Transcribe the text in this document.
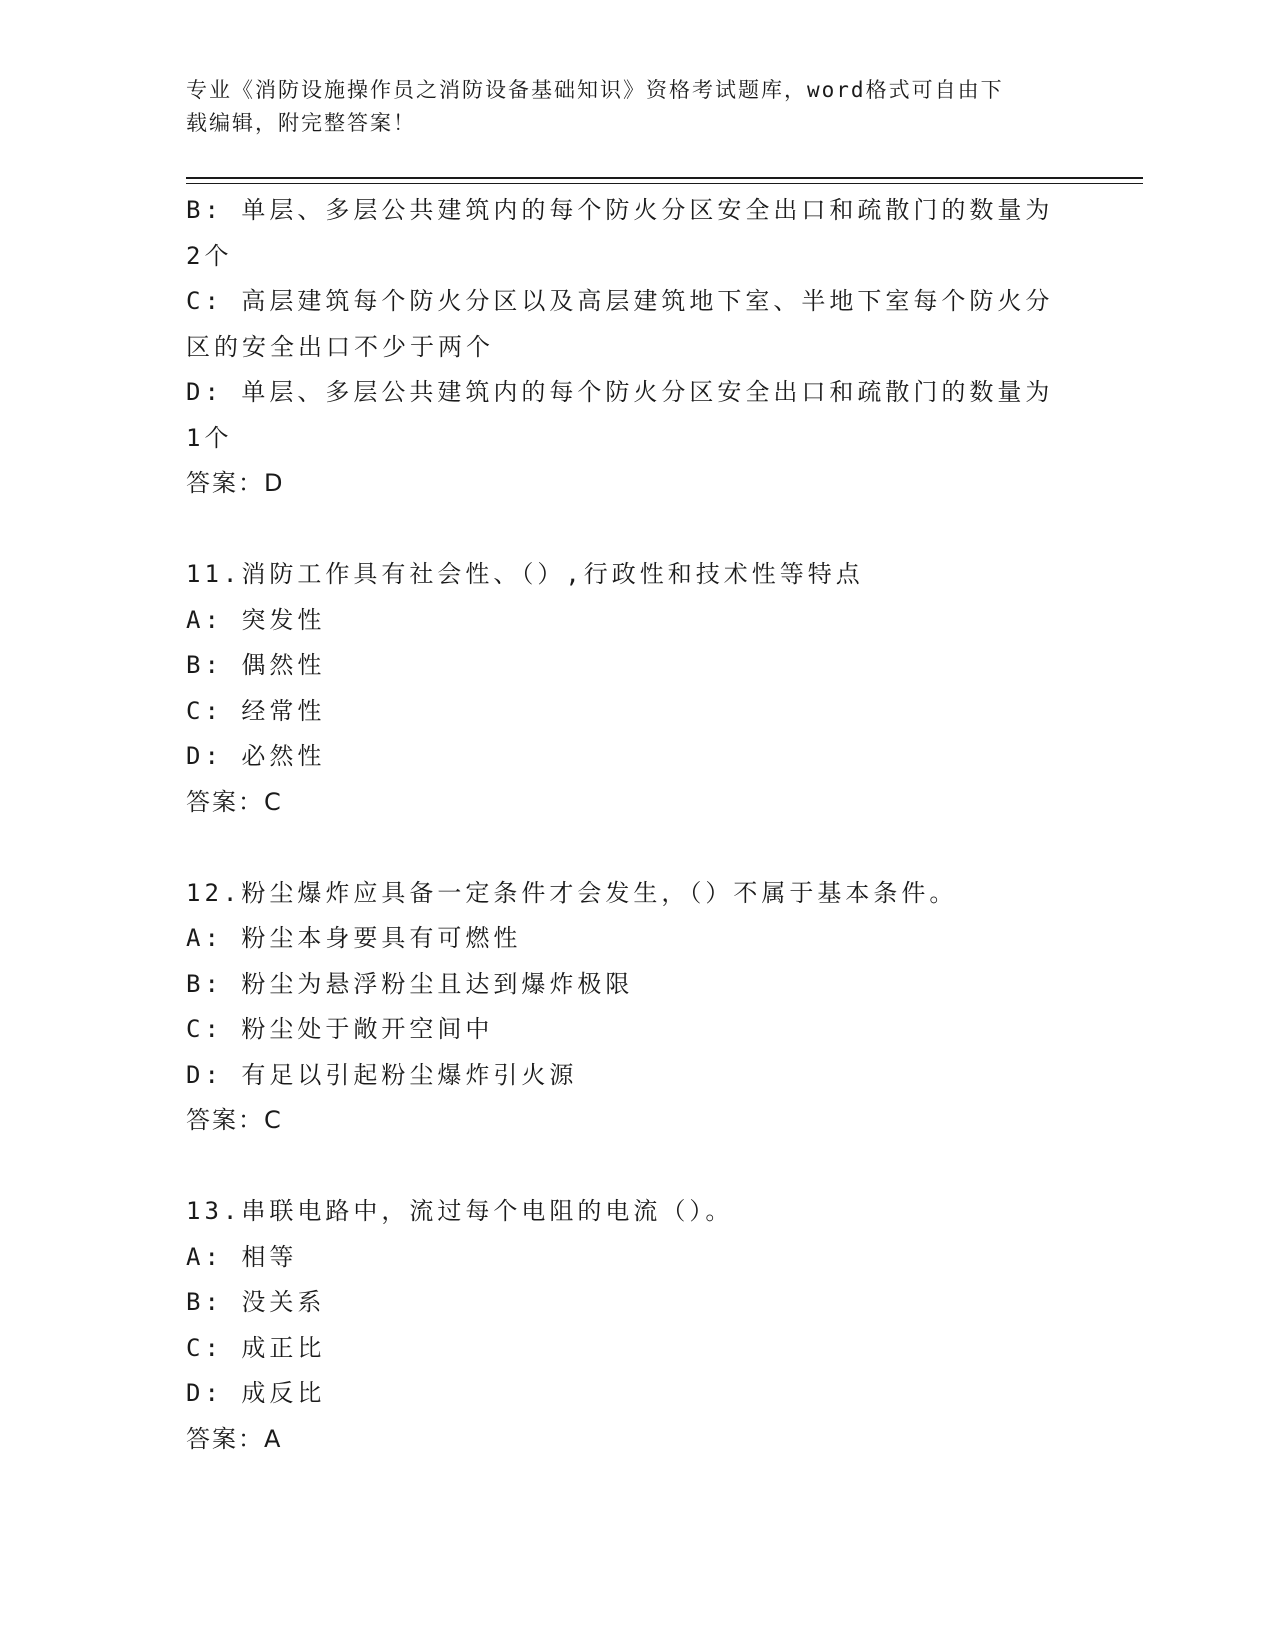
专业《消防设施操作员之消防设备基础知识》资格考试题库，word格式可自由下
载编辑，附完整答案！
B: 单层、多层公共建筑内的每个防火分区安全出口和疏散门的数量为
2个
C: 高层建筑每个防火分区以及高层建筑地下室、半地下室每个防火分
区的安全出口不少于两个
D: 单层、多层公共建筑内的每个防火分区安全出口和疏散门的数量为
1个
答案：D
11.消防工作具有社会性、（）,行政性和技术性等特点
A: 突发性
B: 偶然性
C: 经常性
D: 必然性
答案：C
12.粉尘爆炸应具备一定条件才会发生，（）不属于基本条件。
A: 粉尘本身要具有可燃性
B: 粉尘为悬浮粉尘且达到爆炸极限
C: 粉尘处于敞开空间中
D: 有足以引起粉尘爆炸引火源
答案：C
13.串联电路中，流过每个电阻的电流（）。
A: 相等
B: 没关系
C: 成正比
D: 成反比
答案：A
